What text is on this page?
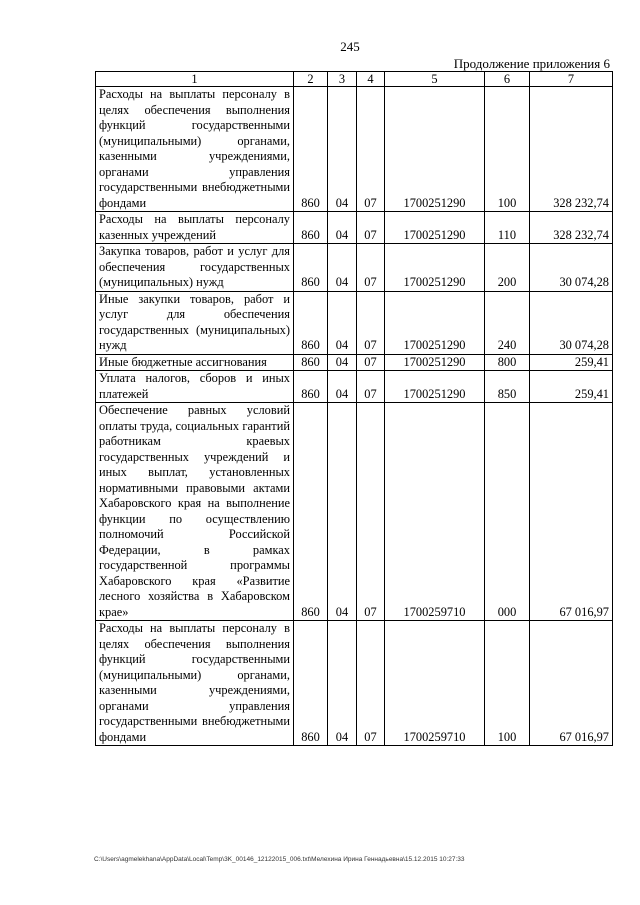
245
Продолжение приложения 6
1	2	3	4	5	6	7
Расходы на выплаты персоналу в целях обеспечения выполнения функций государственными (муниципальными) органами, казенными учреждениями, органами управления государственными внебюджетными фондами	860	04	07	1700251290	100	328 232,74
Расходы на выплаты персоналу казенных учреждений	860	04	07	1700251290	110	328 232,74
Закупка товаров, работ и услуг для обеспечения государственных (муниципальных) нужд	860	04	07	1700251290	200	30 074,28
Иные закупки товаров, работ и услуг для обеспечения государственных (муниципальных) нужд	860	04	07	1700251290	240	30 074,28
Иные бюджетные ассигнования	860	04	07	1700251290	800	259,41
Уплата налогов, сборов и иных платежей	860	04	07	1700251290	850	259,41
Обеспечение равных условий оплаты труда, социальных гарантий работникам краевых государственных учреждений и иных выплат, установленных нормативными правовыми актами Хабаровского края на выполнение функции по осуществлению полномочий Российской Федерации, в рамках государственной программы Хабаровского края «Развитие лесного хозяйства в Хабаровском крае»	860	04	07	1700259710	000	67 016,97
Расходы на выплаты персоналу в целях обеспечения выполнения функций государственными (муниципальными) органами, казенными учреждениями, органами управления государственными внебюджетными фондами	860	04	07	1700259710	100	67 016,97
C:\Users\agmelekhana\AppData\Local\Temp\3K_00146_12122015_006.txt\Мелехина Ирина Геннадьевна\15.12.2015 10:27:33
